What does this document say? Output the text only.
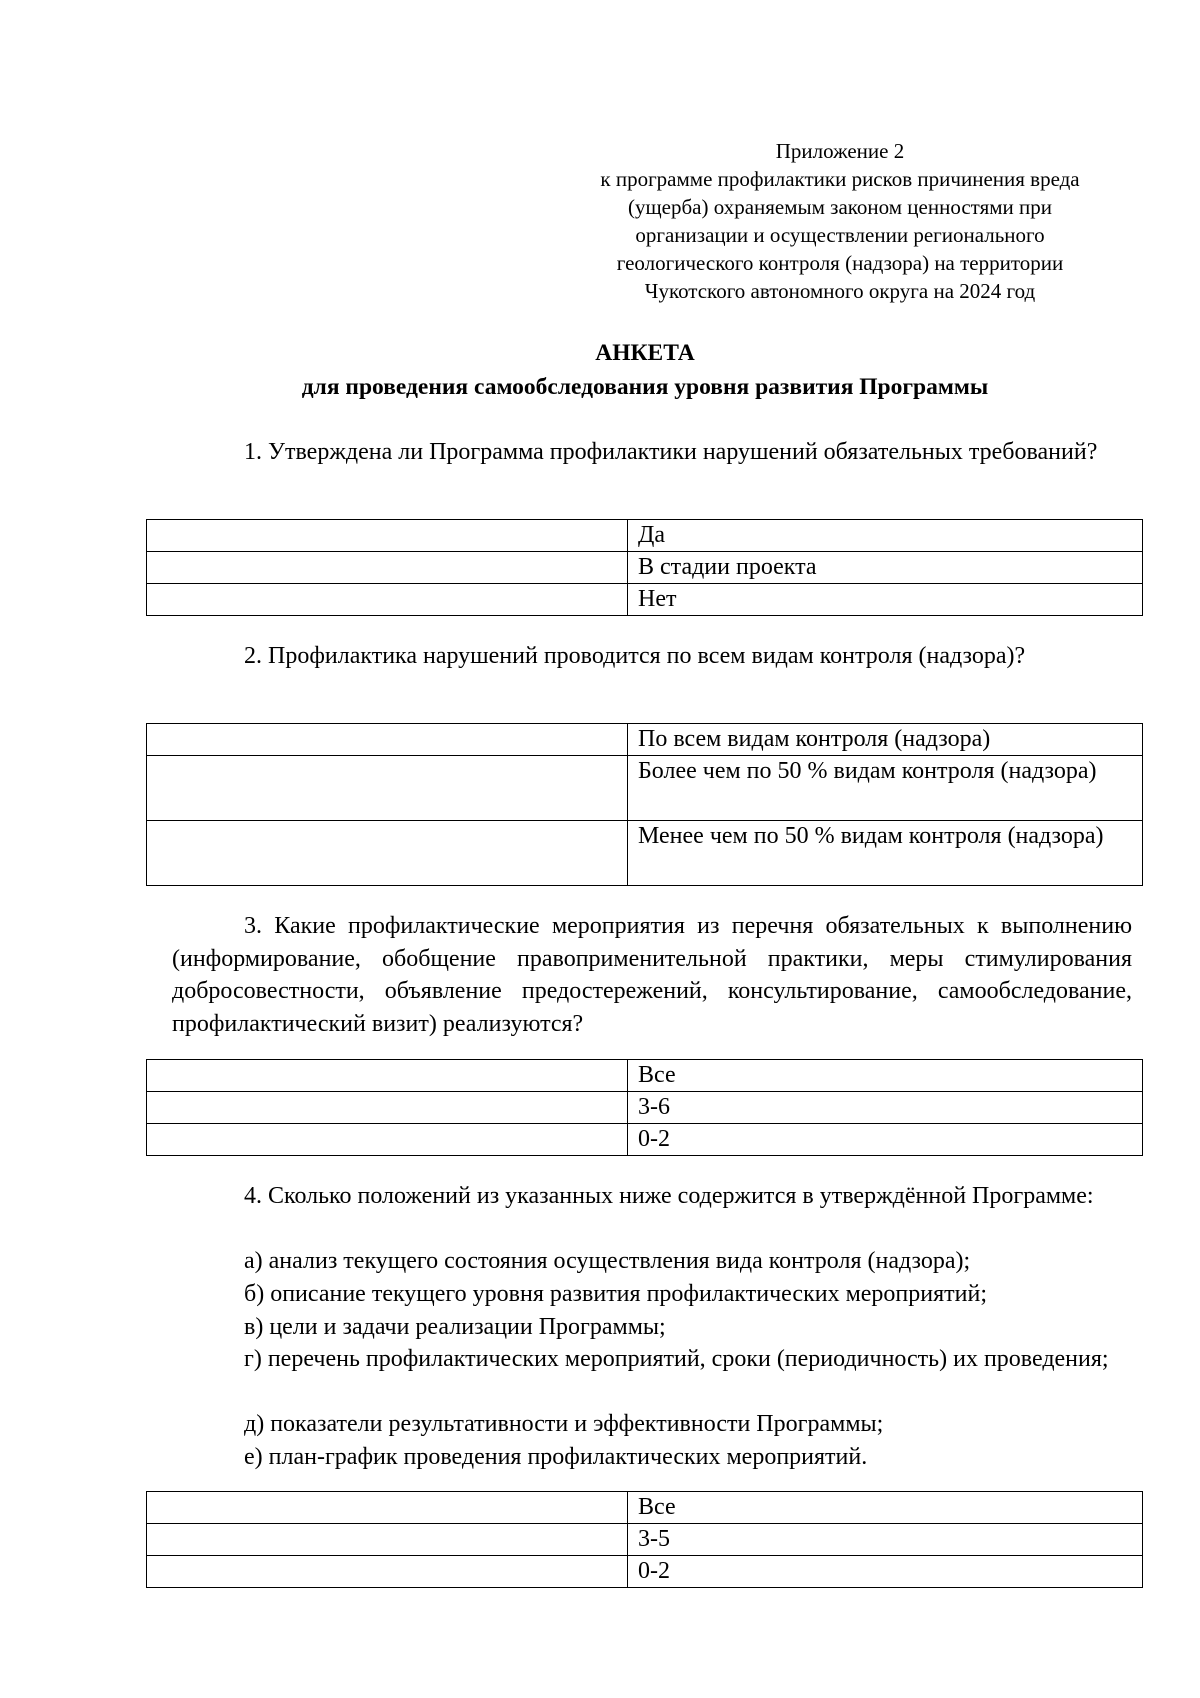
Приложение 2
к программе профилактики рисков причинения вреда
(ущерба) охраняемым законом ценностями при
организации и осуществлении регионального
геологического контроля (надзора) на территории
Чукотского автономного округа на 2024 год
АНКЕТА
для проведения самообследования уровня развития Программы
1. Утверждена ли Программа профилактики нарушений обязательных требований?
	Да
	В стадии проекта
	Нет
2. Профилактика нарушений проводится по всем видам контроля (надзора)?
	По всем видам контроля (надзора)
	Более чем по 50 % видам контроля (надзора)
	Менее чем по 50 % видам контроля (надзора)
3. Какие профилактические мероприятия из перечня обязательных к выполнению (информирование, обобщение правоприменительной практики, меры стимулирования добросовестности, объявление предостережений, консультирование, самообследование, профилактический визит) реализуются?
	Все
	3-6
	0-2
4. Сколько положений из указанных ниже содержится в утверждённой Программе:
а) анализ текущего состояния осуществления вида контроля (надзора);
б) описание текущего уровня развития профилактических мероприятий;
в) цели и задачи реализации Программы;
г) перечень профилактических мероприятий, сроки (периодичность) их проведения;
д) показатели результативности и эффективности Программы;
е) план-график проведения профилактических мероприятий.
	Все
	3-5
	0-2
